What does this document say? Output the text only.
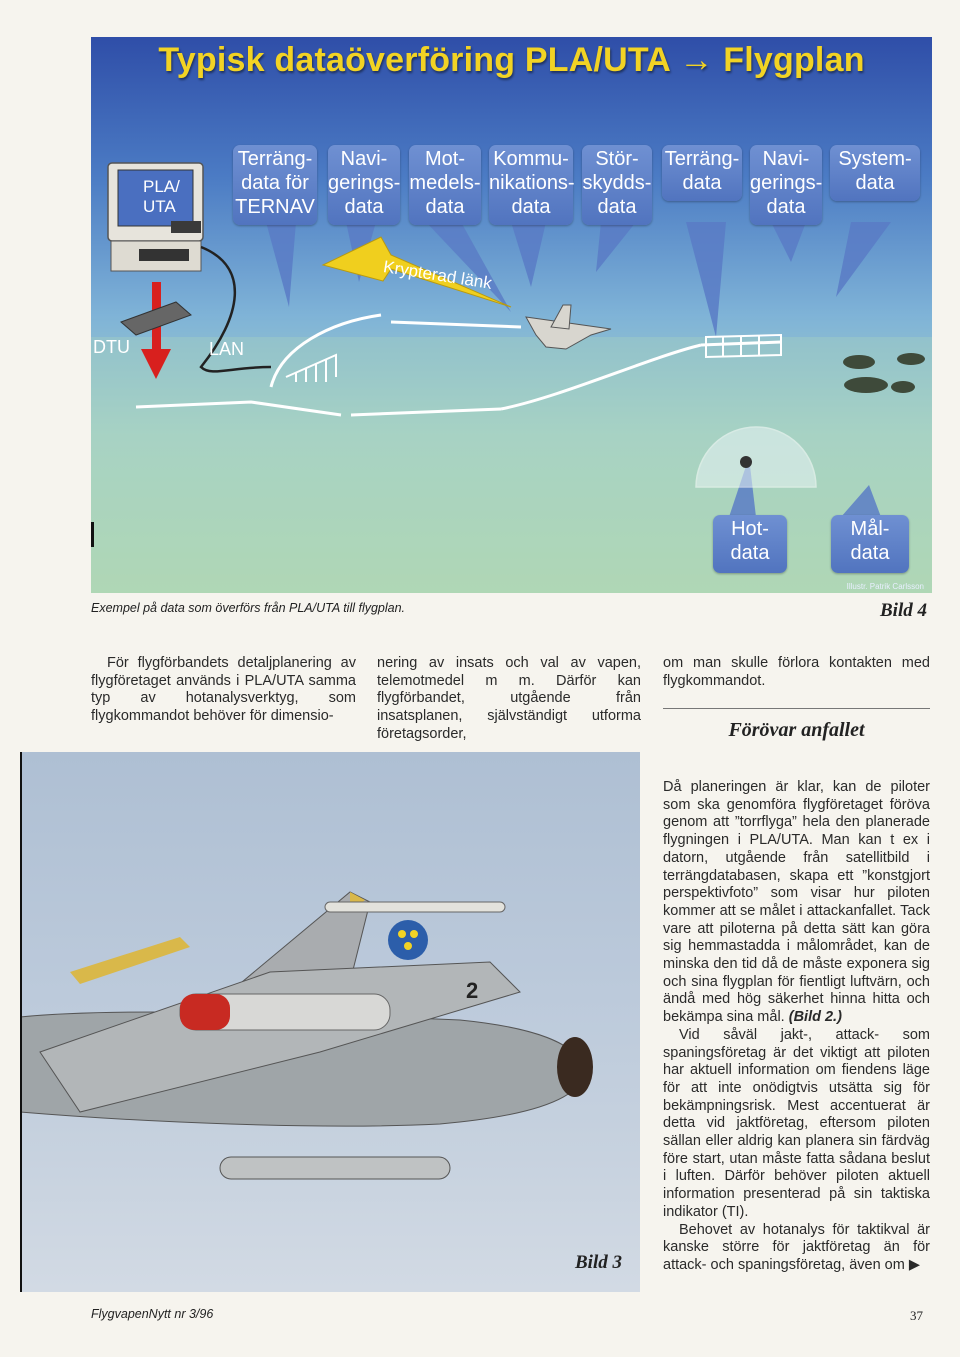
Typisk dataöverföring PLA/UTA → Flygplan
PLA/
UTA
Terräng-
data för
TERNAV
Navi-
gerings-
data
Mot-
medels-
data
Kommu-
nikations-
data
Stör-
skydds-
data
Terräng-
data
Navi-
gerings-
data
System-
data
Hot-
data
Mål-
data
Krypterad länk
DTU	LAN
Illustr. Patrik Carlsson
Exempel på data som överförs från PLA/UTA till flygplan.	Bild 4

För flygförbandets detaljplanering av flygföretaget används i PLA/UTA samma typ av hotanalysverktyg, som flygkommandot behöver för dimensio-

nering av insats och val av vapen, telemotmedel m m. Därför kan flygförbandet, utgående från insatsplanen, självständigt utforma företagsorder,

om man skulle förlora kontakten med flygkommandot.

Förövar anfallet

Då planeringen är klar, kan de piloter som ska genomföra flygföretaget föröva genom att ”torrflyga” hela den planerade flygningen i PLA/UTA. Man kan t ex i datorn, utgående från satellitbild i terrängdatabasen, skapa ett ”konstgjort perspektivfoto” som visar hur piloten kommer att se målet i attackanfallet. Tack vare att piloterna på detta sätt kan göra sig hemmastadda i målområdet, kan de minska den tid då de måste exponera sig och sina flygplan för fientligt luftvärn, och ändå med hög säkerhet hinna hitta och bekämpa sina mål. (Bild 2.)

Vid såväl jakt-, attack- som spaningsföretag är det viktigt att piloten har aktuell information om fiendens läge för att inte onödigtvis utsätta sig för bekämpningsrisk. Mest accentuerat är detta vid jaktföretag, eftersom piloten sällan eller aldrig kan planera sin färdväg före start, utan måste fatta sådana beslut i luften. Därför behöver piloten aktuell information presenterad på sin taktiska indikator (TI).

Behovet av hotanalys för taktikval är kanske större för jaktföretag än för attack- och spaningsföretag, även om ▶

2
Bild 3
FlygvapenNytt nr 3/96	37
